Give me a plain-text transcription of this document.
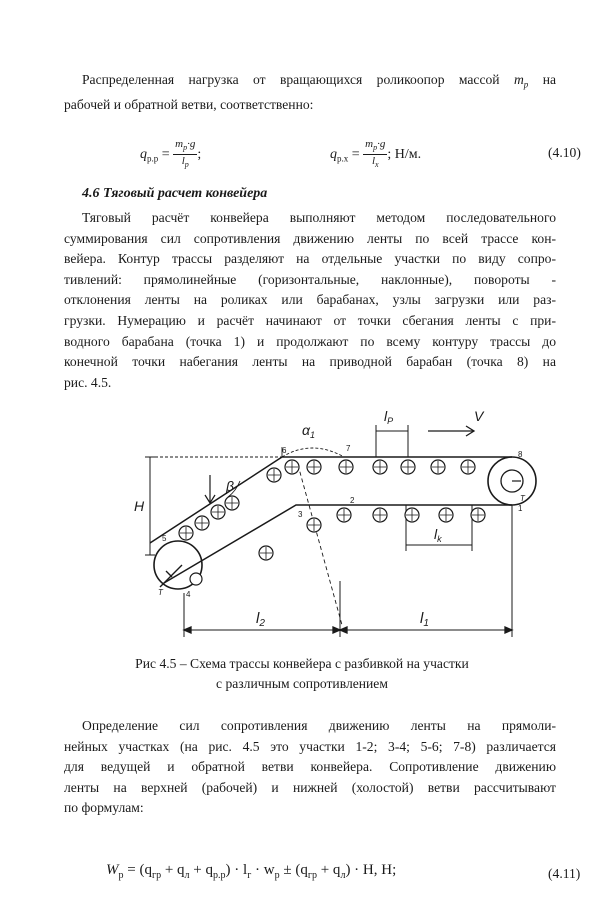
Распределенная нагрузка от вращающихся роликоопор массой $m_р$ на
рабочей и обратной ветви, соответственно:
$q_{р.р} = \frac{m_р\cdot g}{l_р}$ ;	$q_{р.х} = \frac{m_р\cdot g}{l_х}$ ; Н/м.	(4.10)
4.6 Тяговый расчет конвейера
Тяговый расчёт конвейера выполняют методом последовательного
суммирования сил сопротивления движению ленты по всей трассе кон-
вейера. Контур трассы разделяют на отдельные участки по виду сопро-
тивлений: прямолинейные (горизонтальные, наклонные), повороты -
отклонения ленты на роликах или барабанах, узлы загрузки или раз-
грузки. Нумерацию и расчёт начинают от точки сбегания ленты с при-
водного барабана (точка 1) и продолжают по всему контуру трассы до
конечной точки набегания ленты на приводной барабан (точка 8) на
рис. 4.5.
$\alpha_1$
$l_Р$	V
H
β
$l_k$
$l_2$	$l_1$
1
2
3
4
5
6	7
8
T
T
Рис 4.5 – Схема трассы конвейера с разбивкой на участки
с различным сопротивлением
Определение сил сопротивления движению ленты на прямоли-
нейных участках (на рис. 4.5 это участки 1-2; 3-4; 5-6; 7-8) различается
для ведущей и обратной ветви конвейера. Сопротивление движению
ленты на верхней (рабочей) и нижней (холостой) ветви рассчитывают
по формулам:
$W_р = (q_{гр} + q_л + q_{р.р}) \cdot l_г \cdot w_р \pm (q_{гр} + q_л) \cdot H$, Н;	(4.11)
